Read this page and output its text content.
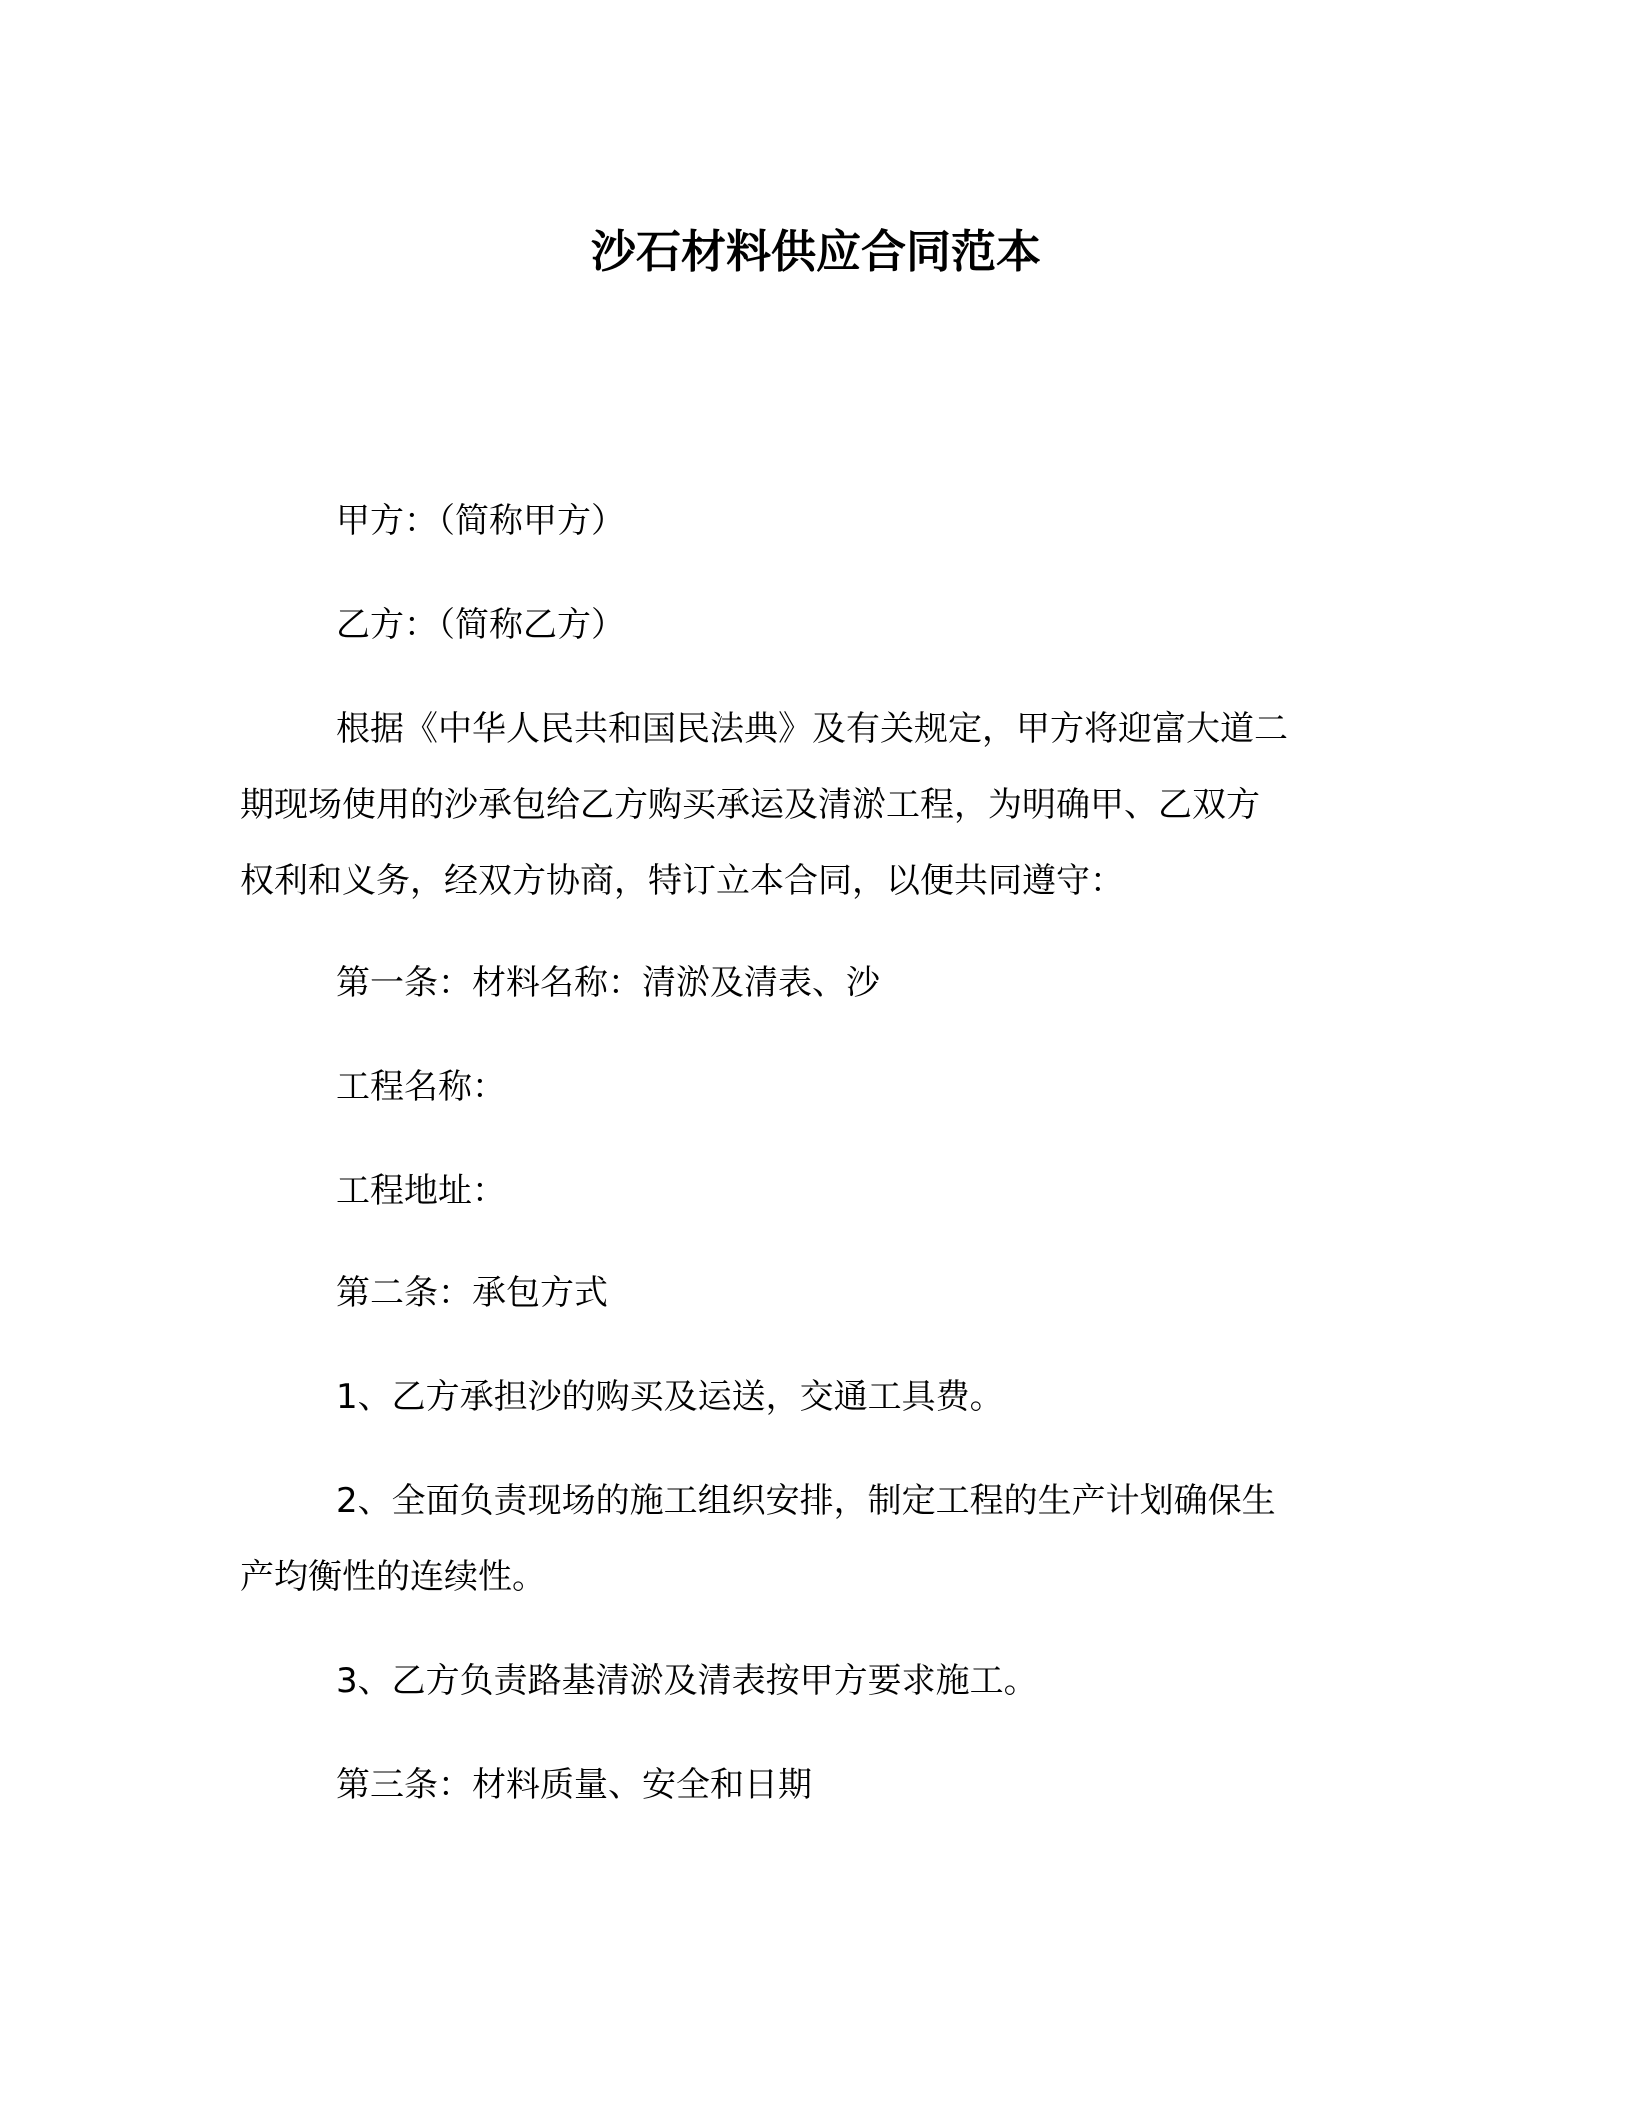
沙石材料供应合同范本
甲方：（简称甲方）
乙方：（简称乙方）
根据《中华人民共和国民法典》及有关规定，甲方将迎富大道二
期现场使用的沙承包给乙方购买承运及清淤工程，为明确甲、乙双方
权利和义务，经双方协商，特订立本合同，以便共同遵守：
第一条：材料名称：清淤及清表、沙
工程名称：
工程地址：
第二条：承包方式
1、乙方承担沙的购买及运送，交通工具费。
2、全面负责现场的施工组织安排，制定工程的生产计划确保生
产均衡性的连续性。
3、乙方负责路基清淤及清表按甲方要求施工。
第三条：材料质量、安全和日期
